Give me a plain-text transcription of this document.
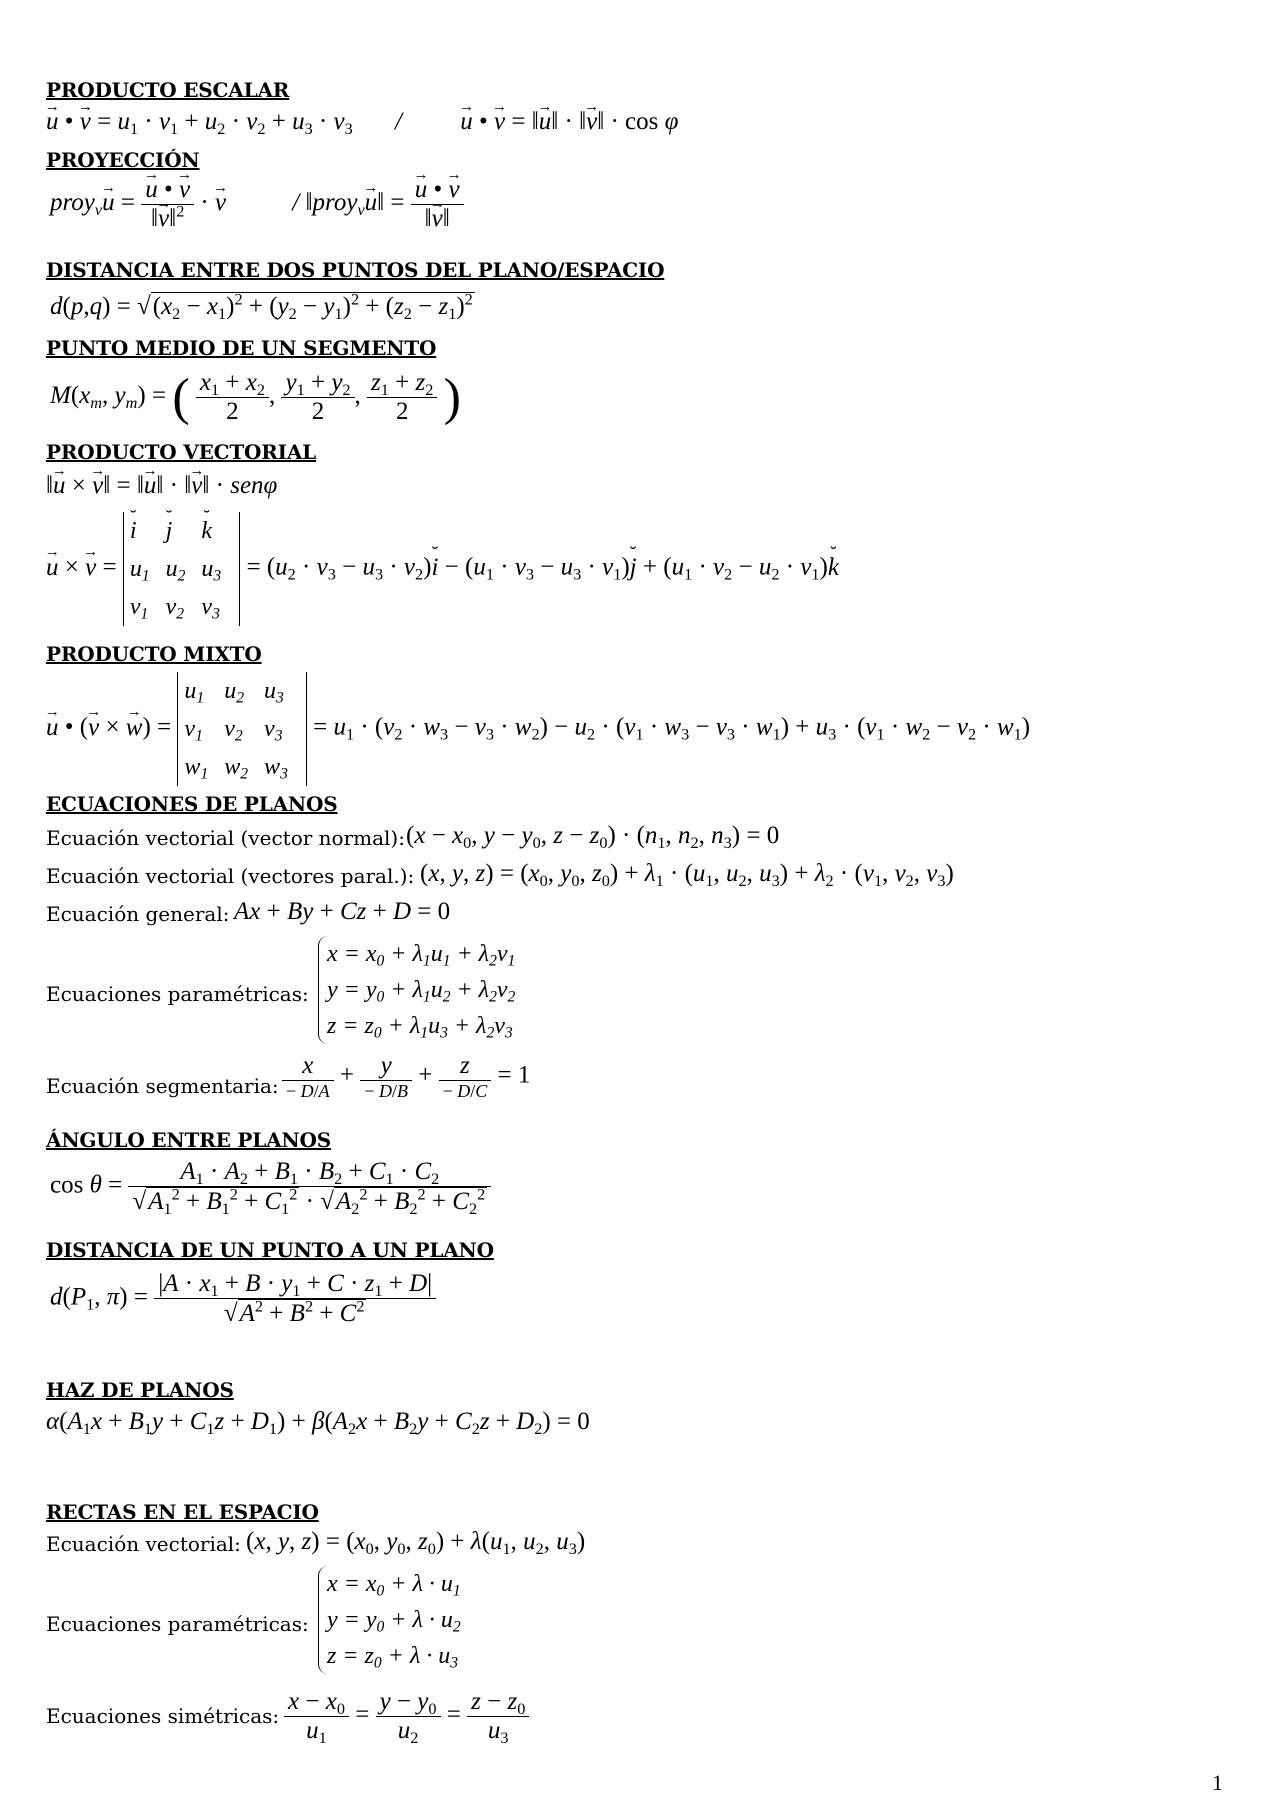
PRODUCTO ESCALAR
→ u • → $v = u_1 \cdot v_1 + u_2 \cdot v_2 + u_3 \cdot v_3$ / → u • → v = ‖→ u‖ · ‖→ v‖ · cos φ
PROYECCIÓN
proy$_v$→ u = → $\frac{u • \to v}{‖\to v‖^2}$ · → v	/ ‖proy$_v$→ u‖ = → $\frac{u • \to v}{‖\to v‖}$
DISTANCIA ENTRE DOS PUNTOS DEL PLANO/ESPACIO
$d(p,q) = √(x_2 - x_1)^2 + (y_2 - y_1)^2 + (z_2 - z_1)^2$
PUNTO MEDIO DE UN SEGMENTO
$M(x_m$, $y_m$) = ( $\frac{x_1 + x_2}{2}$ , $\frac{y_1 + y_2}{2}$ , $\frac{z_1 + z_2}{2}$ )
PRODUCTO VECTORIAL
‖→ u × → v‖ = ‖→ u‖ · ‖→ v‖ · senφ
→ u × → v =
˘ i	˘ j	˘ k
$u_1$	$u_2$	$u_3$
$v_1$	$v_2$	$v_3$
= ($u_2 \cdot v_3 - u_3$ · $v_2)˘$ $i - (u_1 \cdot v_3 - u_3$ · $v_1)˘$ $j + (u_1 \cdot v_2 - u_2$ · $v_1)˘$ k
PRODUCTO MIXTO
→ u • (→ v × → w) =
$u_1$	$u_2$	$u_3$
$v_1$	$v_2$	$v_3$
$w_1$	$w_2$	$w_3$
= $u_1 \cdot (v_2 \cdot w_3 - v_3 \cdot w_2) - u_2 \cdot (v_1 \cdot w_3 - v_3 \cdot w_1) + u_3 \cdot (v_1 \cdot w_2 - v_2 \cdot w_1)$
ECUACIONES DE PLANOS
Ecuación vectorial (vector normal): ($x - x_0$, $y - y_0$, $z - z_0) \cdot (n_1$, $n_2$, $n_3) = 0$
Ecuación vectorial (vectores paral.): (x, y, $z) = (x_0$, $y_0$, $z_0) + \lambda_1 \cdot (u_1$, $u_2$, $u_3) + \lambda_2 \cdot (v_1$, $v_2$, $v_3$)
Ecuación general: Ax + By + Cz + D = 0
Ecuaciones paramétricas:
$x = x_0 + \lambda_1u_1 + \lambda_2v_1$
$y = y_0 + \lambda_1u_2 + \lambda_2v_2$
$z = z_0 + \lambda_1u_3 + \lambda_2v_3$
Ecuación segmentaria:
x
− D/A
+ y
− D/B
+ z
− D/C
= 1
ÁNGULO ENTRE PLANOS
$\cos \theta = \frac{A_1 \cdot A_2 + B_1 \cdot B_2 + C_1 \cdot C_2}{√A_1^2 + B_1^2 + C_1^2 \cdot √A_2^2 + B_2^2 + C_2^2}$
DISTANCIA DE UN PUNTO A UN PLANO
$d(P_1$, $\pi) = \frac{|A \cdot x_1 + B \cdot y_1 + C \cdot z_1 + D|}{√A^2 + B^2 + C^2}$
HAZ DE PLANOS
$\alpha(A_1x + B_1y + C_1z + D_1) + \beta(A_2x + B_2y + C_2z + D_2) = 0$
RECTAS EN EL ESPACIO
Ecuación vectorial: (x, y, $z) = (x_0$, $y_0$, $z_0) + \lambda(u_1$, $u_2$, $u_3$)
Ecuaciones paramétricas:
$x = x_0 + \lambda \cdot u_1$
$y = y_0 + \lambda \cdot u_2$
$z = z_0 + \lambda \cdot u_3$
Ecuaciones simétricas: $\frac{x - x_0}{u_1} = \frac{y - y_0}{u_2} = \frac{z - z_0}{u_3}$
1
